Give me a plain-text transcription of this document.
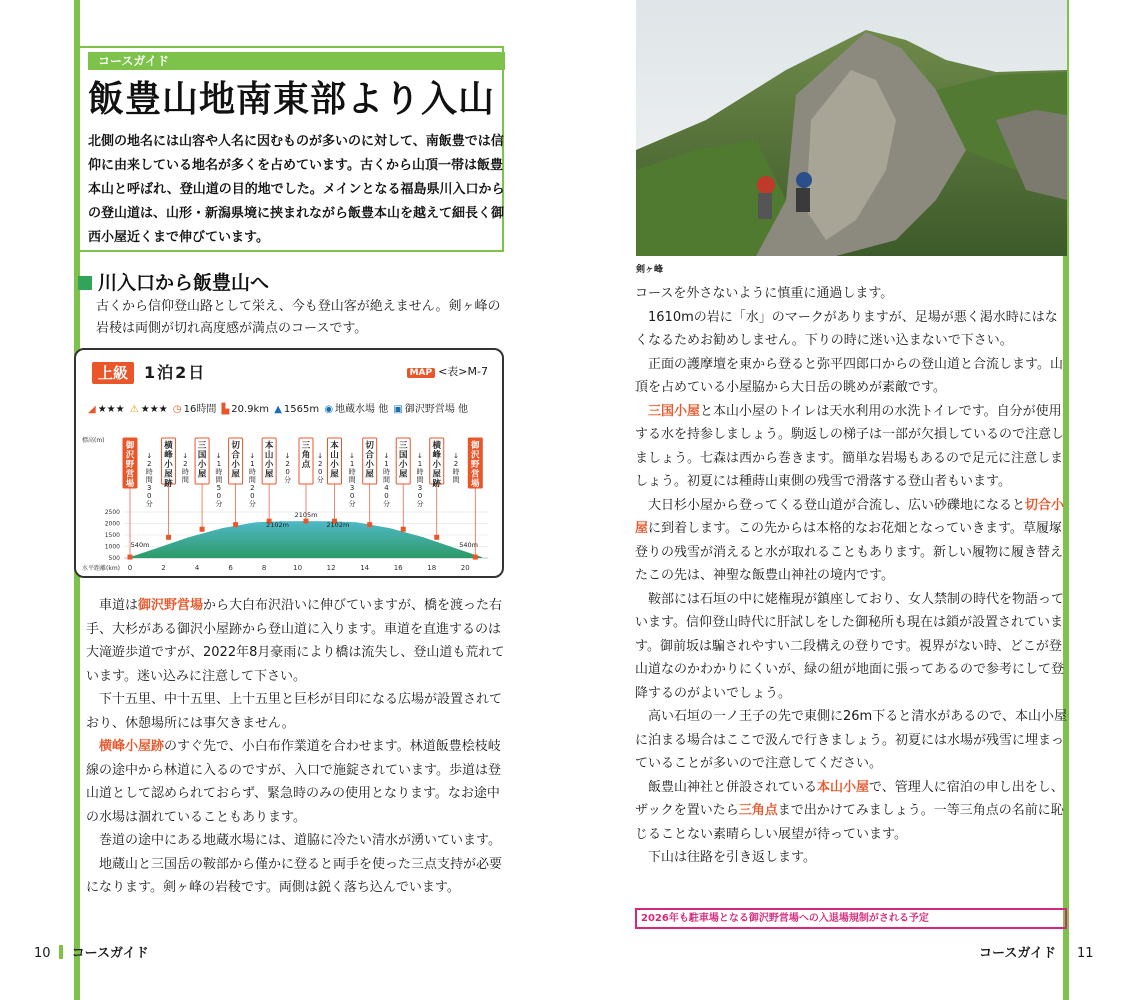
コースガイド
飯豊山地南東部より入山
北側の地名には山容や人名に因むものが多いのに対して、南飯豊では信仰に由来している地名が多くを占めています。古くから山頂一帯は飯豊本山と呼ばれ、登山道の目的地でした。メインとなる福島県川入口からの登山道は、山形・新潟県境に挟まれながら飯豊本山を越えて細長く御西小屋近くまで伸びています。
川入口から飯豊山へ
古くから信仰登山路として栄え、今も登山客が絶えません。剣ヶ峰の岩稜は両側が切れ高度感が満点のコースです。
上級 1泊2日	MAP <表>M-7
◢ ★★★ ⚠ ★★★ ◷ 16時間 ▙ 20.9km ▲ 1565m ◉ 地蔵水場 他 ▣ 御沢野営場 他
標高(m)
水平距離(km)
2500
2000
1500
1000
500
0	2	4	6	8	10	12	14	16	18	20
御沢野営場
横峰小屋跡
三国小屋
切合小屋
本山小屋
三角点
本山小屋
切合小屋
三国小屋
横峰小屋跡
御沢野営場
↓ 2 時間 3 0 分
↓ 2 時間
↓ 1 時間 5 0 分
↓ 1 時間 2 0 分
↓ 2 0 分
↓ 2 0 分
↓ 1 時間 3 0 分
↓ 1 時間 4 0 分
↓ 1 時間 3 0 分
↓ 2 時間
540m
2102m
2105m
2102m
540m

車道は御沢野営場から大白布沢沿いに伸びていますが、橋を渡った右手、大杉がある御沢小屋跡から登山道に入ります。車道を直進するのは大滝遊歩道ですが、2022年8月豪雨により橋は流失し、登山道も荒れています。迷い込みに注意して下さい。

下十五里、中十五里、上十五里と巨杉が目印になる広場が設置されており、休憩場所には事欠きません。

横峰小屋跡のすぐ先で、小白布作業道を合わせます。林道飯豊桧枝岐線の途中から林道に入るのですが、入口で施錠されています。歩道は登山道として認められておらず、緊急時のみの使用となります。なお途中の水場は涸れていることもあります。

巻道の途中にある地蔵水場には、道脇に冷たい清水が湧いています。

地蔵山と三国岳の鞍部から僅かに登ると両手を使った三点支持が必要になります。剣ヶ峰の岩稜です。両側は鋭く落ち込んでいます。

10 コースガイド
剣ヶ峰

コースを外さないように慎重に通過します。

1610mの岩に「水」のマークがありますが、足場が悪く渇水時にはなくなるためお勧めしません。下りの時に迷い込まないで下さい。

正面の護摩壇を東から登ると弥平四郎口からの登山道と合流します。山頂を占めている小屋脇から大日岳の眺めが素敵です。

三国小屋と本山小屋のトイレは天水利用の水洗トイレです。自分が使用する水を持参しましょう。駒返しの梯子は一部が欠損しているので注意しましょう。七森は西から巻きます。簡単な岩場もあるので足元に注意しましょう。初夏には種蒔山東側の残雪で滑落する登山者もいます。

大日杉小屋から登ってくる登山道が合流し、広い砂礫地になると切合小屋に到着します。この先からは本格的なお花畑となっていきます。草履塚登りの残雪が消えると水が取れることもあります。新しい履物に履き替えたこの先は、神聖な飯豊山神社の境内です。

鞍部には石垣の中に姥権現が鎮座しており、女人禁制の時代を物語っています。信仰登山時代に肝試しをした御秘所も現在は鎖が設置されています。御前坂は騙されやすい二段構えの登りです。視界がない時、どこが登山道なのかわかりにくいが、緑の紐が地面に張ってあるので参考にして登降するのがよいでしょう。

高い石垣の一ノ王子の先で東側に26m下ると清水があるので、本山小屋に泊まる場合はここで汲んで行きましょう。初夏には水場が残雪に埋まっていることが多いので注意してください。

飯豊山神社と併設されている本山小屋で、管理人に宿泊の申し出をし、ザックを置いたら三角点まで出かけてみましょう。一等三角点の名前に恥じることない素晴らしい展望が待っています。

下山は往路を引き返します。

2026年も駐車場となる御沢野営場への入退場規制がされる予定
コースガイド 11
